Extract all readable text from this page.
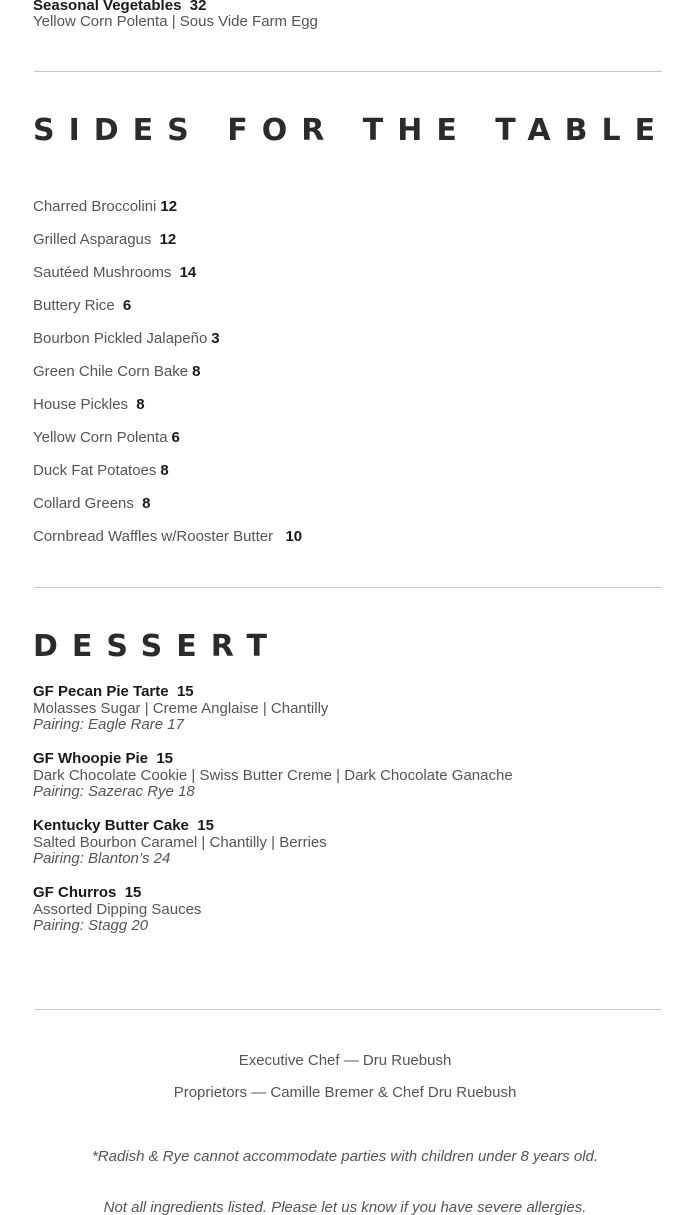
Seasonal Vegetables 32
Yellow Corn Polenta | Sous Vide Farm Egg
SIDES FOR THE TABLE
Charred Broccolini 12
Grilled Asparagus 12
Sautéed Mushrooms 14
Buttery Rice 6
Bourbon Pickled Jalapeño 3
Green Chile Corn Bake 8
House Pickles 8
Yellow Corn Polenta 6
Duck Fat Potatoes 8
Collard Greens 8
Cornbread Waffles w/Rooster Butter 10
DESSERT
GF Pecan Pie Tarte 15
Molasses Sugar | Creme Anglaise | Chantilly
Pairing: Eagle Rare 17
GF Whoopie Pie 15
Dark Chocolate Cookie | Swiss Butter Creme | Dark Chocolate Ganache
Pairing: Sazerac Rye 18
Kentucky Butter Cake 15
Salted Bourbon Caramel | Chantilly | Berries
Pairing: Blanton’s 24
GF Churros 15
Assorted Dipping Sauces
Pairing: Stagg 20
Executive Chef — Dru Ruebush
Proprietors — Camille Bremer & Chef Dru Ruebush
*Radish & Rye cannot accommodate parties with children under 8 years old.
Not all ingredients listed. Please let us know if you have severe allergies.
